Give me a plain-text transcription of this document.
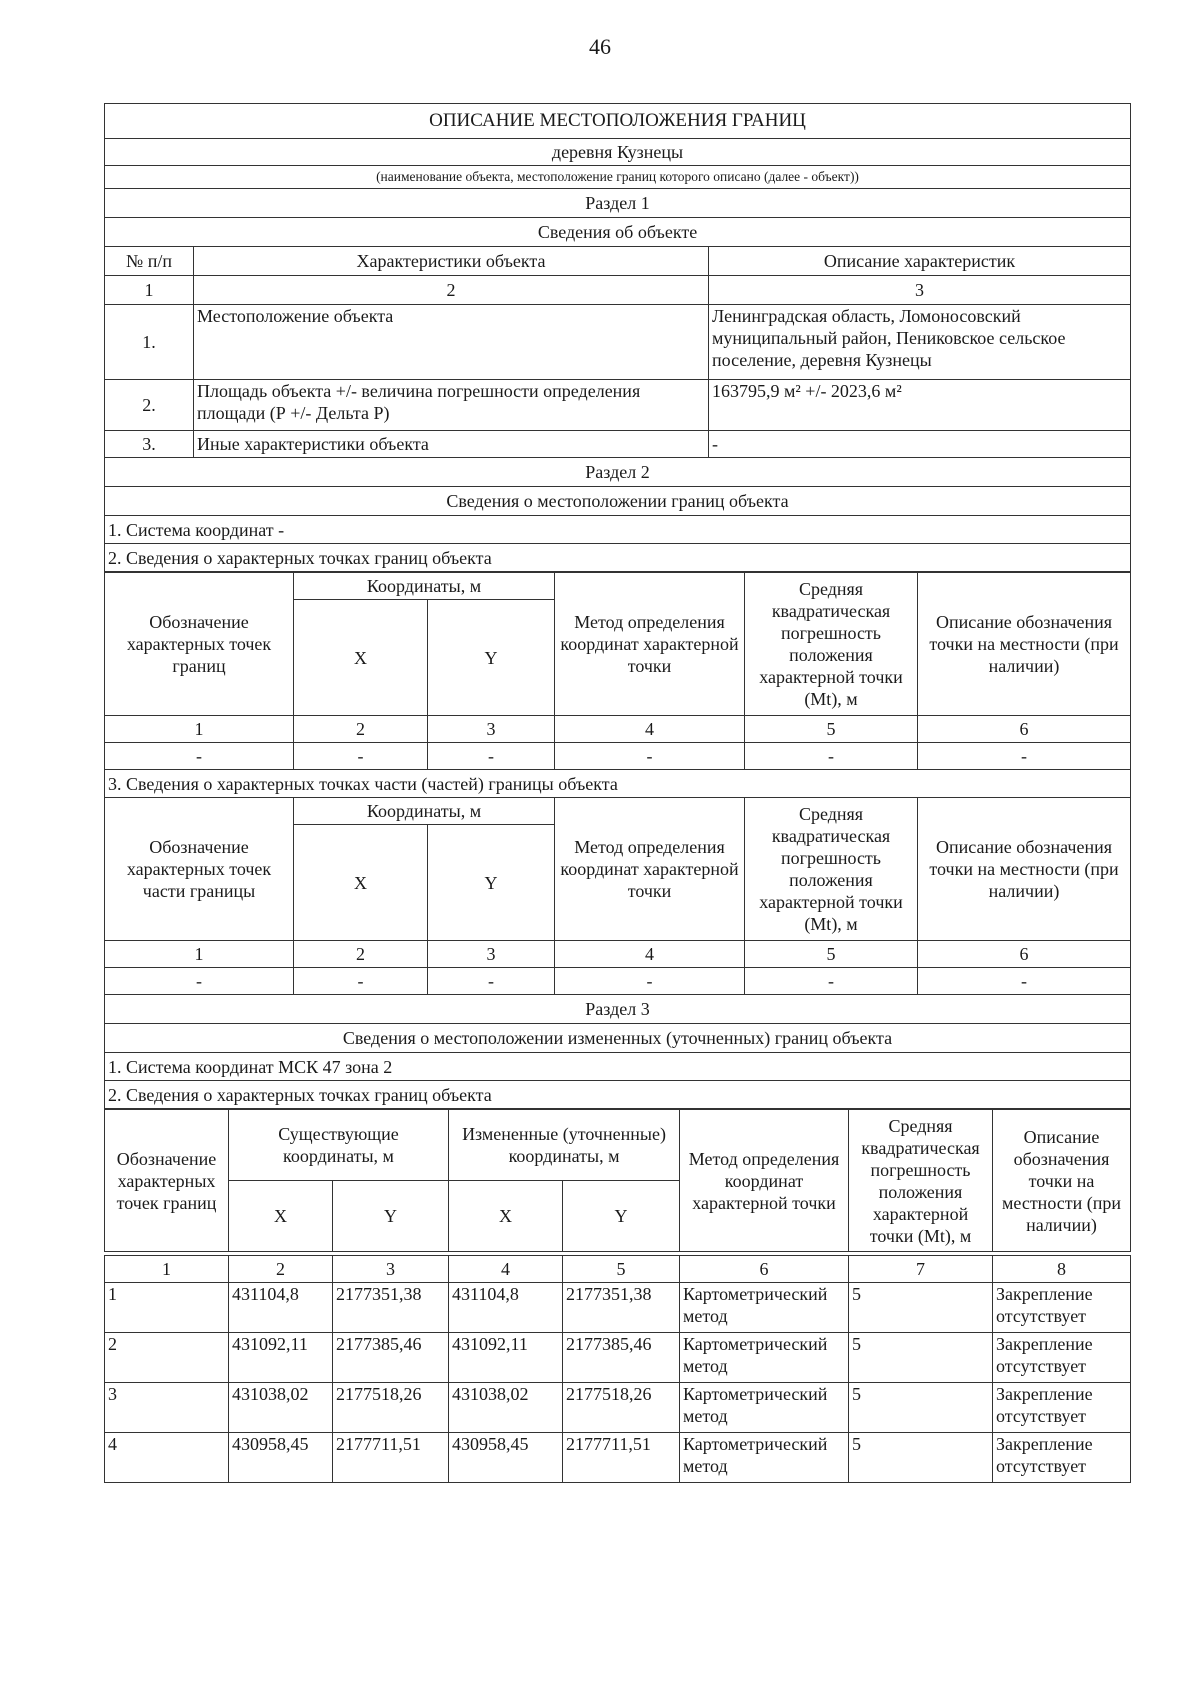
46
ОПИСАНИЕ МЕСТОПОЛОЖЕНИЯ ГРАНИЦ		
деревня Кузнецы		
(наименование объекта, местоположение границ которого описано (далее - объект))		
Раздел 1		
Сведения об объекте		
№ п/п	Характеристики объекта	Описание характеристик
1	2	3
1.	Местоположение объекта	Ленинградская область, Ломоносовский муниципальный район, Пениковское сельское поселение, деревня Кузнецы
2.	Площадь объекта +/- величина погрешности определения площади (Р +/- Дельта Р)	163795,9 м² +/- 2023,6 м²
3.	Иные характеристики объекта	-
Раздел 2		
Сведения о местоположении границ объекта		
1. Система координат -		
2. Сведения о характерных точках границ объекта		
Обозначение характерных точек границ	Координаты, м		Метод определения координат характерной точки	Средняя квадратическая погрешность положения характерной точки (Mt), м	Описание обозначения точки на местности (при наличии)
	X	Y			
1	2	3	4	5	6
-	-	-	-	-	-
3. Сведения о характерных точках части (частей) границы объекта					
Обозначение характерных точек части границы	Координаты, м		Метод определения координат характерной точки	Средняя квадратическая погрешность положения характерной точки (Mt), м	Описание обозначения точки на местности (при наличии)
	X	Y			
1	2	3	4	5	6
-	-	-	-	-	-
Раздел 3					
Сведения о местоположении измененных (уточненных) границ объекта					
1. Система координат МСК 47 зона 2					
2. Сведения о характерных точках границ объекта					
Обозначение характерных точек границ	Существующие координаты, м		Измененные (уточненные) координаты, м		Метод определения координат характерной точки	Средняя квадратическая погрешность положения характерной точки (Mt), м	Описание обозначения точки на местности (при наличии)
	X	Y	X	Y			
1	2	3	4	5	6	7	8
1	431104,8	2177351,38	431104,8	2177351,38	Картометрический метод	5	Закрепление отсутствует
2	431092,11	2177385,46	431092,11	2177385,46	Картометрический метод	5	Закрепление отсутствует
3	431038,02	2177518,26	431038,02	2177518,26	Картометрический метод	5	Закрепление отсутствует
4	430958,45	2177711,51	430958,45	2177711,51	Картометрический метод	5	Закрепление отсутствует
